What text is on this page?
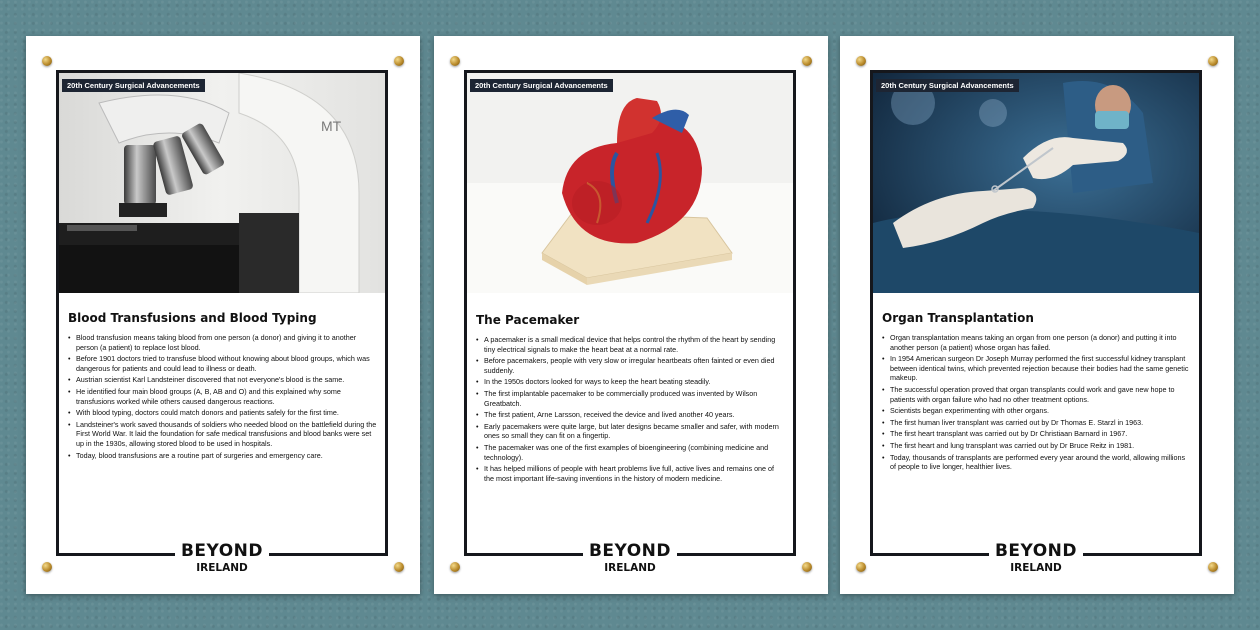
MT
20th Century Surgical Advancements
Blood Transfusions and Blood Typing
• Blood transfusion means taking blood from one person (a donor) and giving it to another person (a patient) to replace lost blood.
• Before 1901 doctors tried to transfuse blood without knowing about blood groups, which was dangerous for patients and could lead to illness or death.
• Austrian scientist Karl Landsteiner discovered that not everyone's blood is the same.
• He identified four main blood groups (A, B, AB and O) and this explained why some transfusions worked while others caused dangerous reactions.
• With blood typing, doctors could match donors and patients safely for the first time.
• Landsteiner's work saved thousands of soldiers who needed blood on the battlefield during the First World War. It laid the foundation for safe medical transfusions and blood banks were set up in the 1930s, allowing stored blood to be used in hospitals.
• Today, blood transfusions are a routine part of surgeries and emergency care.
BEYOND
IRELAND
20th Century Surgical Advancements
The Pacemaker
• A pacemaker is a small medical device that helps control the rhythm of the heart by sending tiny electrical signals to make the heart beat at a normal rate.
• Before pacemakers, people with very slow or irregular heartbeats often fainted or even died suddenly.
• In the 1950s doctors looked for ways to keep the heart beating steadily.
• The first implantable pacemaker to be commercially produced was invented by Wilson Greatbatch.
• The first patient, Arne Larsson, received the device and lived another 40 years.
• Early pacemakers were quite large, but later designs became smaller and safer, with modern ones so small they can fit on a fingertip.
• The pacemaker was one of the first examples of bioengineering (combining medicine and technology).
• It has helped millions of people with heart problems live full, active lives and remains one of the most important life-saving inventions in the history of modern medicine.
BEYOND
IRELAND
20th Century Surgical Advancements
Organ Transplantation
• Organ transplantation means taking an organ from one person (a donor) and putting it into another person (a patient) whose organ has failed.
• In 1954 American surgeon Dr Joseph Murray performed the first successful kidney transplant between identical twins, which prevented rejection because their bodies had the same genetic makeup.
• The successful operation proved that organ transplants could work and gave new hope to patients with organ failure who had no other treatment options.
• Scientists began experimenting with other organs.
• The first human liver transplant was carried out by Dr Thomas E. Starzl in 1963.
• The first heart transplant was carried out by Dr Christiaan Barnard in 1967.
• The first heart and lung transplant was carried out by Dr Bruce Reitz in 1981.
• Today, thousands of transplants are performed every year around the world, allowing millions of people to live longer, healthier lives.
BEYOND
IRELAND
